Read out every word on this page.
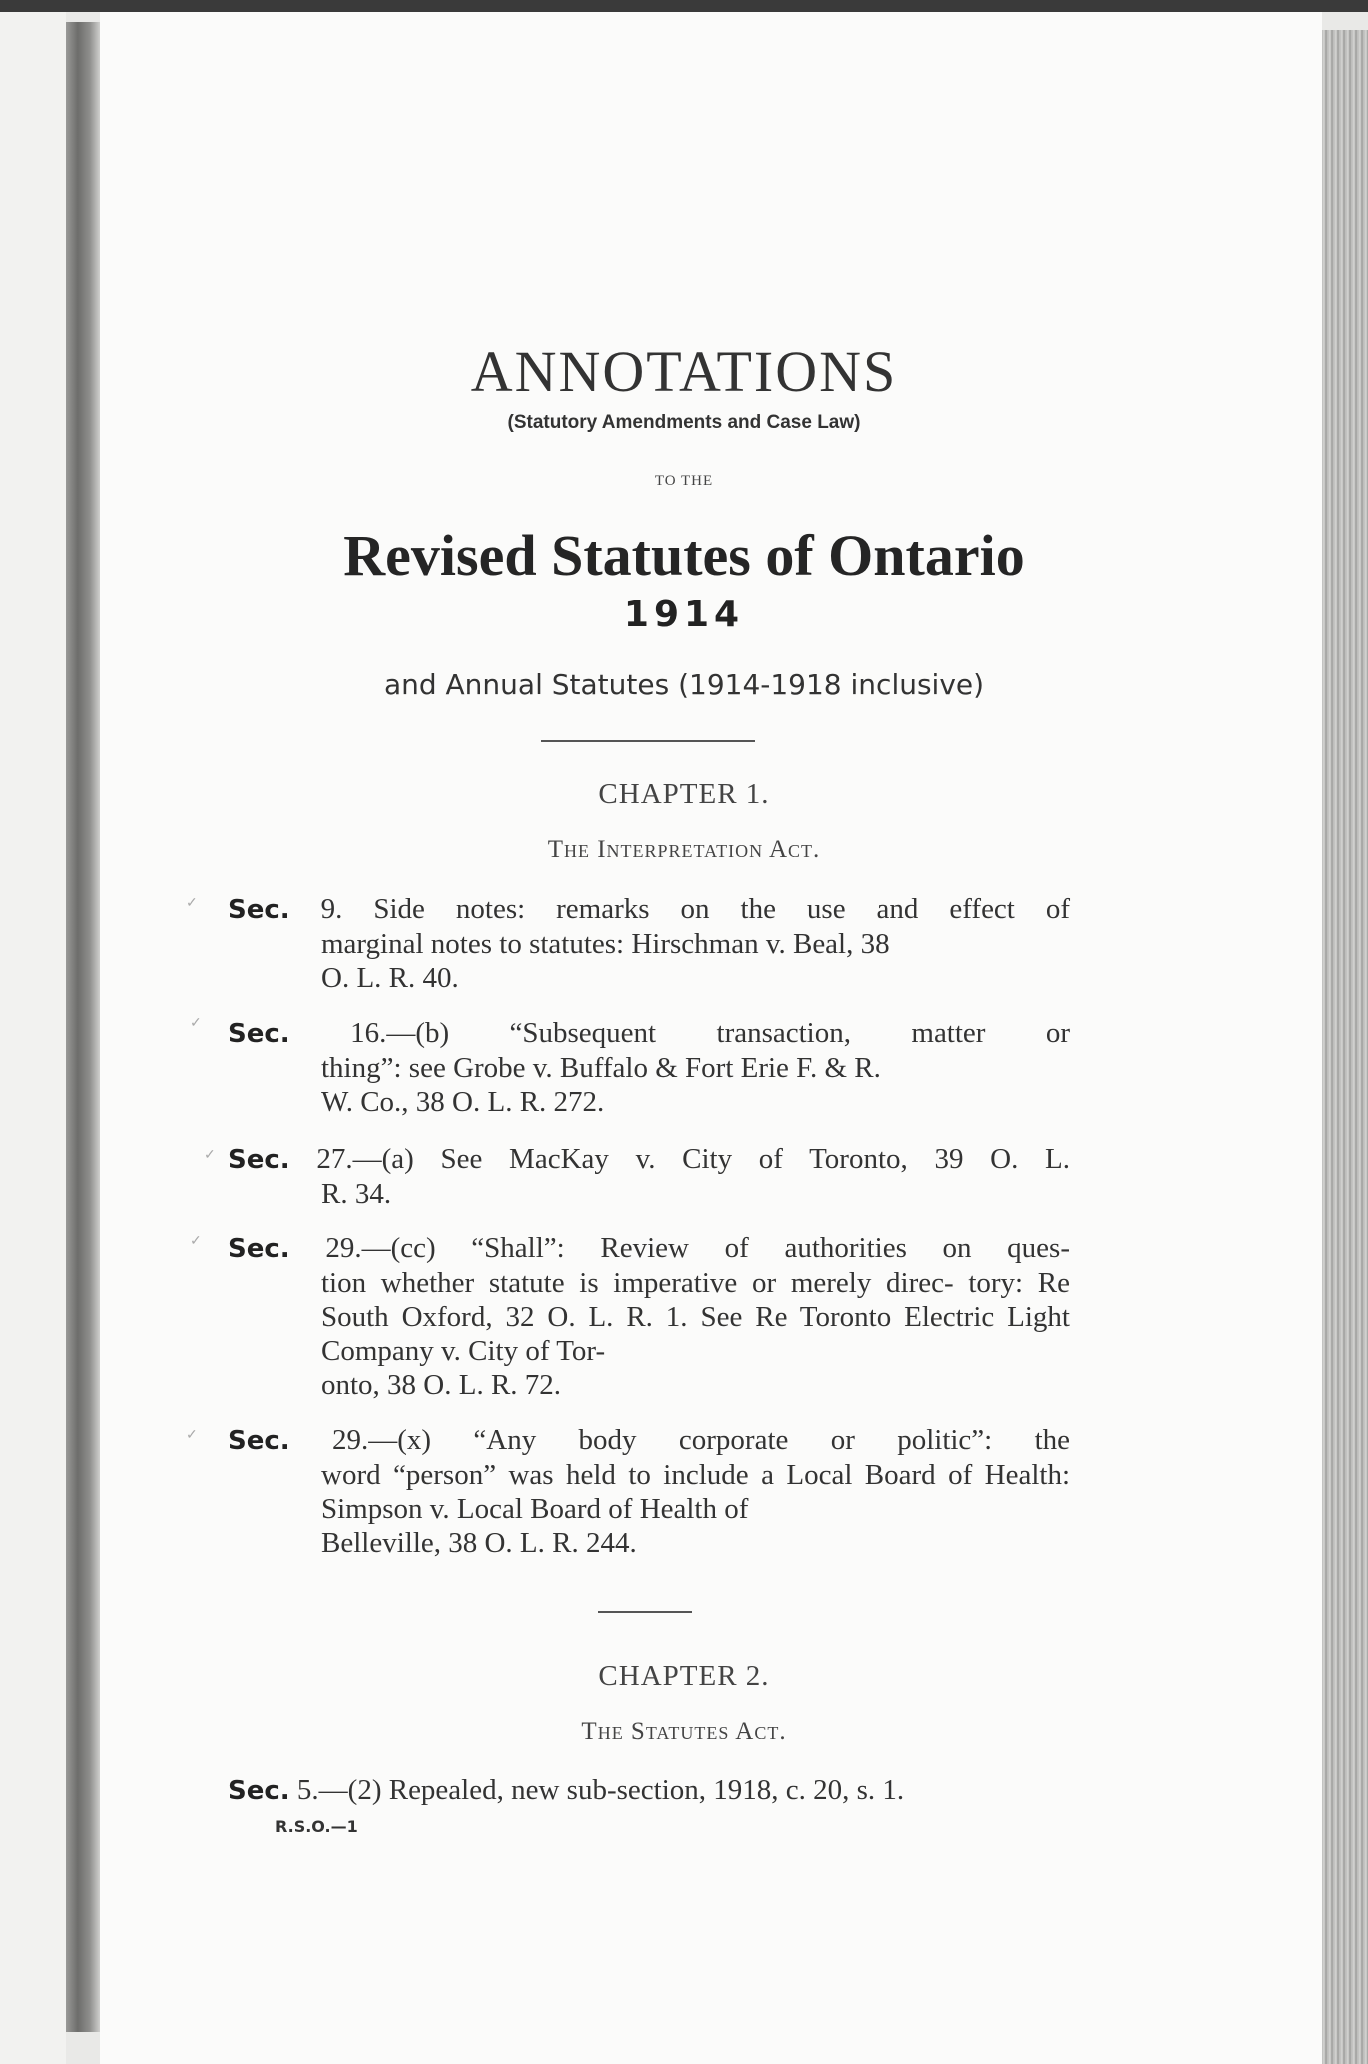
ANNOTATIONS
(Statutory Amendments and Case Law)
TO THE
Revised Statutes of Ontario
1914
and Annual Statutes (1914-1918 inclusive)
CHAPTER 1.
The Interpretation Act.
✓ Sec. 9. Side notes: remarks on the use and effect of
marginal notes to statutes: Hirschman v. Beal, 38
O. L. R. 40.
✓ Sec. 16.—(b) “Subsequent transaction, matter or
thing”: see Grobe v. Buffalo & Fort Erie F. & R.
W. Co., 38 O. L. R. 272.
✓ Sec. 27.—(a) See MacKay v. City of Toronto, 39 O. L.
R. 34.
✓ Sec. 29.—(cc) “Shall”: Review of authorities on ques-
tion whether statute is imperative or merely direc- tory: Re South Oxford, 32 O. L. R. 1. See Re Toronto Electric Light Company v. City of Tor-
onto, 38 O. L. R. 72.
✓ Sec. 29.—(x) “Any body corporate or politic”: the
word “person” was held to include a Local Board of Health: Simpson v. Local Board of Health of
Belleville, 38 O. L. R. 244.
CHAPTER 2.
The Statutes Act.
Sec. 5.—(2) Repealed, new sub-section, 1918, c. 20, s. 1.
R.S.O.—1
